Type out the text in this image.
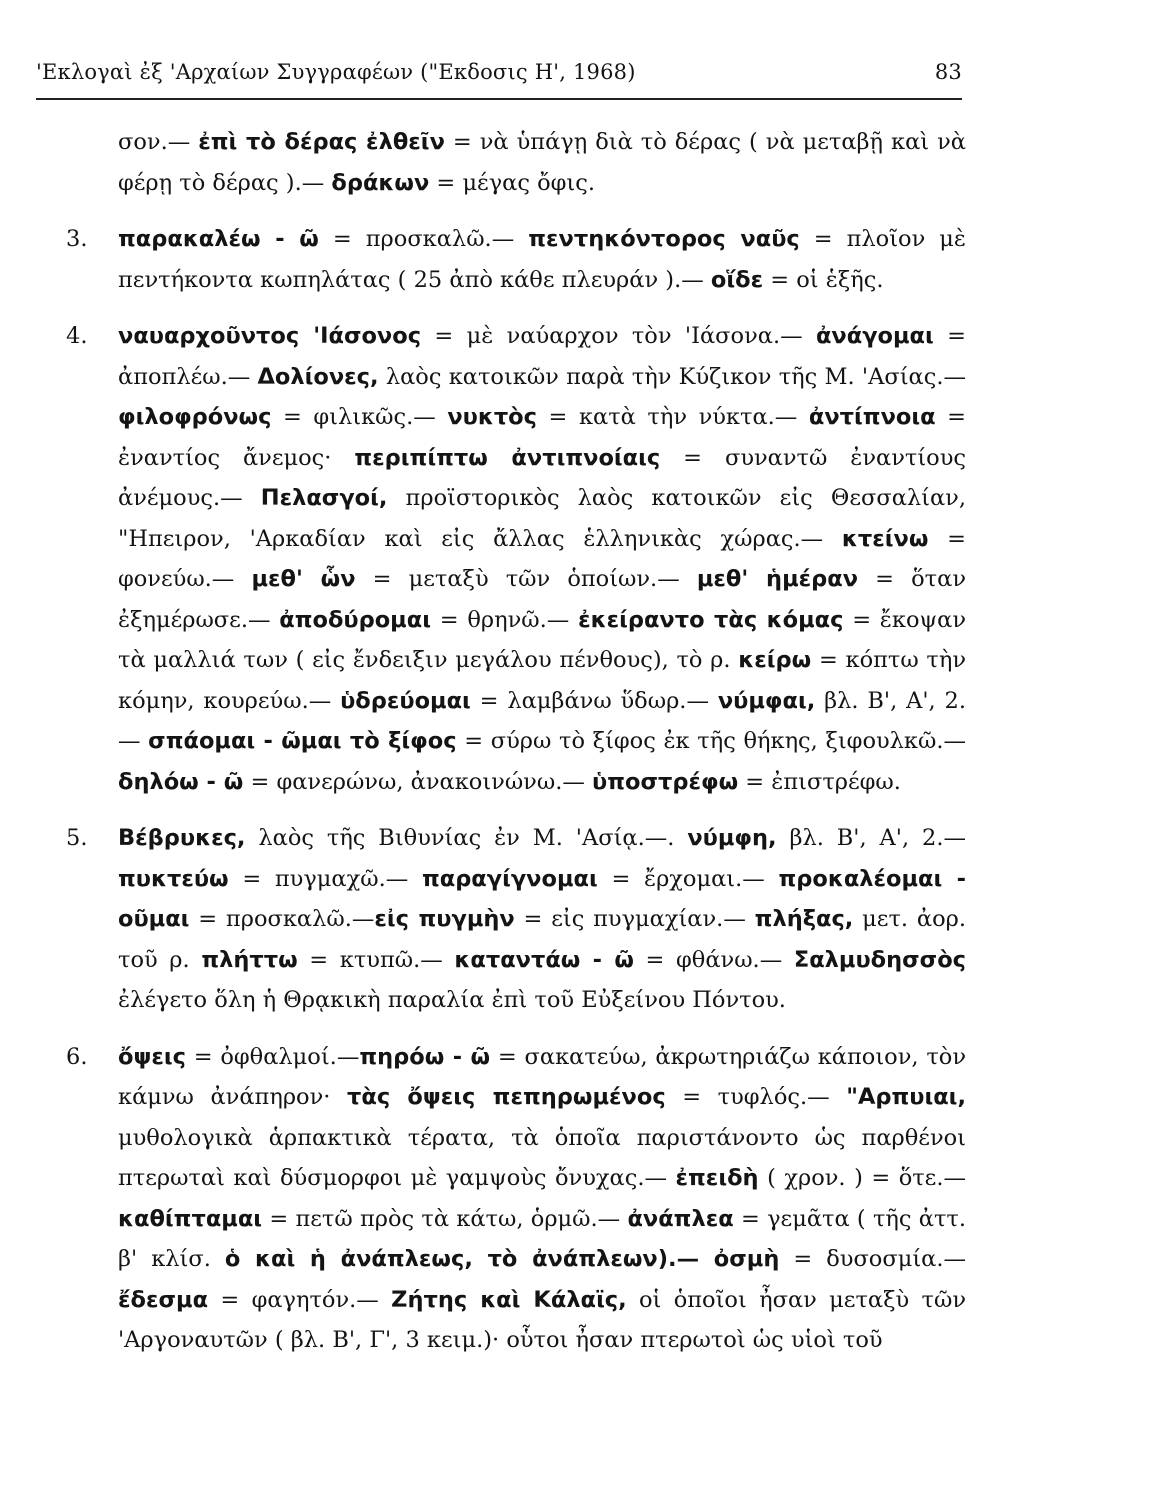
'Εκλογαὶ ἐξ 'Αρχαίων Συγγραφέων ("Εκδοσις Η', 1968)	83

σον.— ἐπὶ τὸ δέρας ἐλθεῖν = νὰ ὑπάγῃ διὰ τὸ δέρας ( νὰ μεταβῇ καὶ νὰ φέρῃ τὸ δέρας ).— δράκων = μέγας ὄφις.

3.	παρακαλέω - ῶ = προσκαλῶ.— πεντηκόντορος ναῦς = πλοῖον μὲ πεντήκοντα κωπηλάτας ( 25 ἀπὸ κάθε πλευράν ).— οἵδε = οἱ ἑξῆς.
4.	ναυαρχοῦντος 'Ιάσονος = μὲ ναύαρχον τὸν 'Ιάσονα.— ἀνάγομαι = ἀποπλέω.— Δολίονες, λαὸς κατοικῶν παρὰ τὴν Κύζικον τῆς Μ. 'Ασίας.— φιλοφρόνως = φιλικῶς.— νυκτὸς = κατὰ τὴν νύκτα.— ἀντίπνοια = ἐναντίος ἄνεμος· περιπίπτω ἀντιπνοίαις = συναντῶ ἐναντίους ἀνέμους.— Πελασγοί, προϊστορικὸς λαὸς κατοικῶν εἰς Θεσσαλίαν, "Ηπειρον, 'Αρκαδίαν καὶ εἰς ἄλλας ἑλληνικὰς χώρας.— κτείνω = φονεύω.— μεθ' ὧν = μεταξὺ τῶν ὁποίων.— μεθ' ἡμέραν = ὅταν ἐξημέρωσε.— ἀποδύρομαι = θρηνῶ.— ἐκείραντο τὰς κόμας = ἔκοψαν τὰ μαλλιά των ( εἰς ἔνδειξιν μεγάλου πένθους), τὸ ρ. κείρω = κόπτω τὴν κόμην, κουρεύω.— ὑδρεύομαι = λαμβάνω ὕδωρ.— νύμφαι, βλ. Β', Α', 2.— σπάομαι - ῶμαι τὸ ξίφος = σύρω τὸ ξίφος ἐκ τῆς θήκης, ξιφουλκῶ.— δηλόω - ῶ = φανερώνω, ἀνακοινώνω.— ὑποστρέφω = ἐπιστρέφω.
5.	Βέβρυκες, λαὸς τῆς Βιθυνίας ἐν Μ. 'Ασίᾳ.—. νύμφη, βλ. Β', Α', 2.— πυκτεύω = πυγμαχῶ.— παραγίγνομαι = ἔρχομαι.— προκαλέομαι - οῦμαι = προσκαλῶ.—εἰς πυγμὴν = εἰς πυγμαχίαν.— πλήξας, μετ. ἀορ. τοῦ ρ. πλήττω = κτυπῶ.— καταντάω - ῶ = φθάνω.— Σαλμυδησσὸς ἐλέγετο ὅλη ἡ Θρᾳκικὴ παραλία ἐπὶ τοῦ Εὐξείνου Πόντου.
6.	ὄψεις = ὀφθαλμοί.—πηρόω - ῶ = σακατεύω, ἀκρωτηριάζω κάποιον, τὸν κάμνω ἀνάπηρον· τὰς ὄψεις πεπηρωμένος = τυφλός.— "Αρπυιαι, μυθολογικὰ ἁρπακτικὰ τέρατα, τὰ ὁποῖα παριστάνοντο ὡς παρθένοι πτερωταὶ καὶ δύσμορφοι μὲ γαμψοὺς ὄνυχας.— ἐπειδὴ ( χρον. ) = ὅτε.— καθίπταμαι = πετῶ πρὸς τὰ κάτω, ὁρμῶ.— ἀνάπλεα = γεμᾶτα ( τῆς ἀττ. β' κλίσ. ὁ καὶ ἡ ἀνάπλεως, τὸ ἀνάπλεων).— ὀσμὴ = δυσοσμία.— ἔδεσμα = φαγητόν.— Ζήτης καὶ Κάλαϊς, οἱ ὁποῖοι ἦσαν μεταξὺ τῶν 'Αργοναυτῶν ( βλ. Β', Γ', 3 κειμ.)· οὗτοι ἦσαν πτερωτοὶ ὡς υἱοὶ τοῦ
